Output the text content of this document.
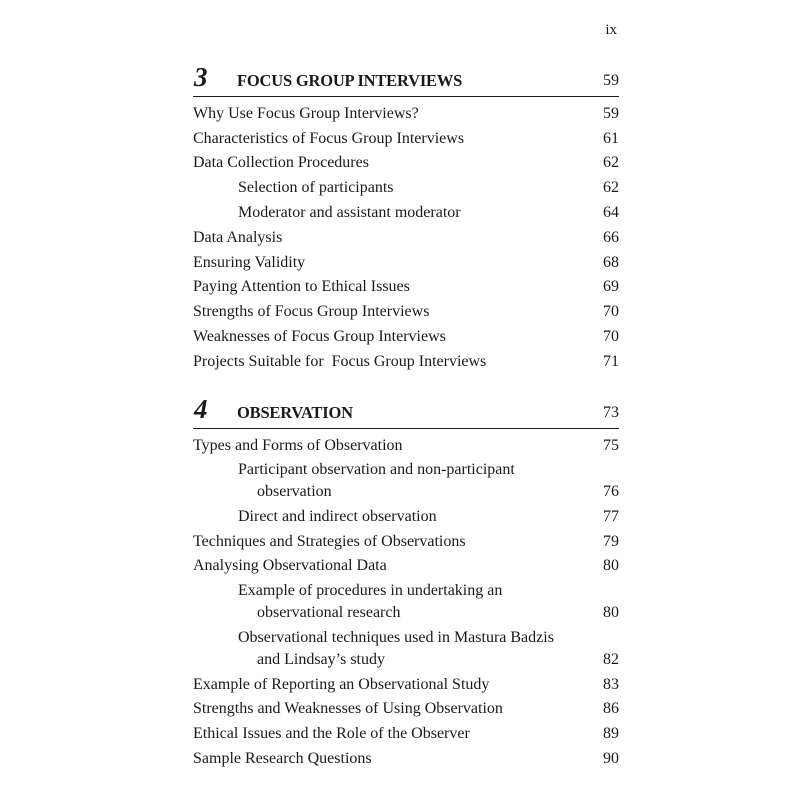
ix
3 FOCUS GROUP INTERVIEWS	59
Why Use Focus Group Interviews?	59
Characteristics of Focus Group Interviews	61
Data Collection Procedures	62
Selection of participants	62
Moderator and assistant moderator	64
Data Analysis	66
Ensuring Validity	68
Paying Attention to Ethical Issues	69
Strengths of Focus Group Interviews	70
Weaknesses of Focus Group Interviews	70
Projects Suitable for  Focus Group Interviews	71
4 OBSERVATION	73
Types and Forms of Observation	75
Participant observation and non-participant
observation	76
Direct and indirect observation	77
Techniques and Strategies of Observations	79
Analysing Observational Data	80
Example of procedures in undertaking an
observational research	80
Observational techniques used in Mastura Badzis
and Lindsay’s study	82
Example of Reporting an Observational Study	83
Strengths and Weaknesses of Using Observation	86
Ethical Issues and the Role of the Observer	89
Sample Research Questions	90
